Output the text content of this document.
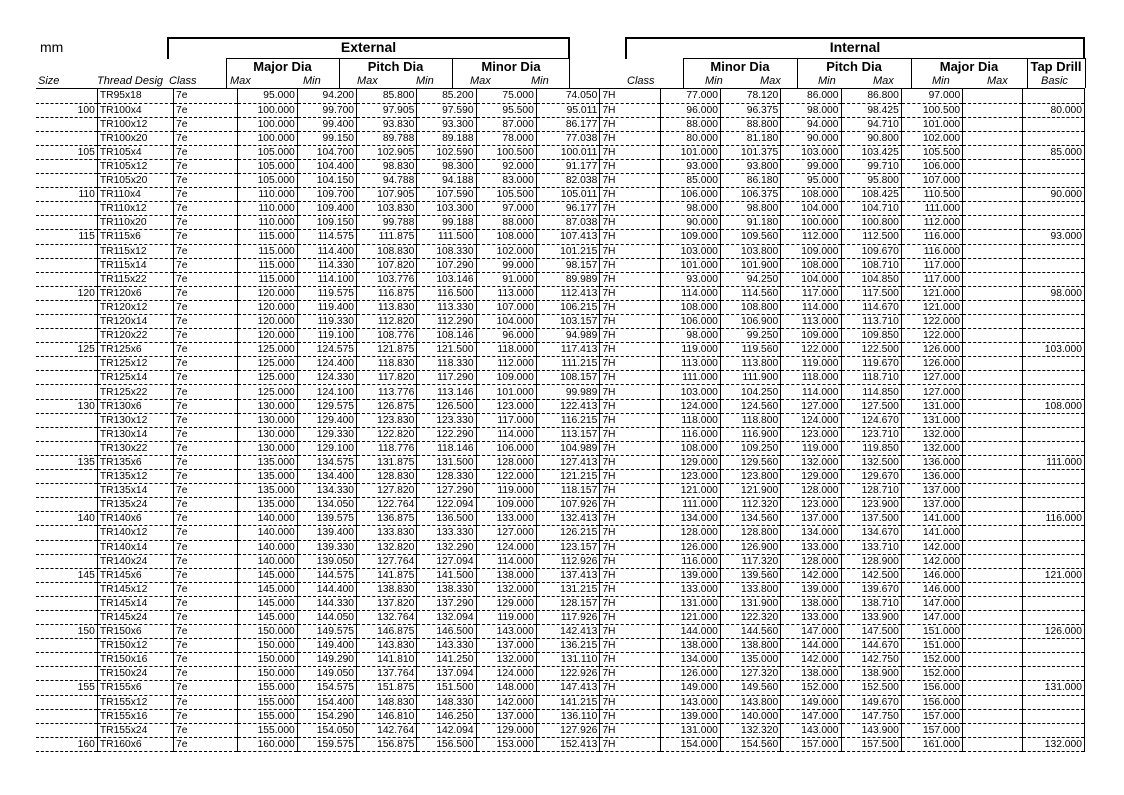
mm	External
Major Dia	Pitch Dia	Minor Dia
Internal
Minor Dia	Pitch Dia	Major Dia	Tap Drill
Size	Thread Desig Class	Max	Min	Max	Min	Max	Min	Class	Min	Max	Min	Max	Min	Max	Basic
	TR95x18	7e	95.000	94.200	85.800	85.200	75.000	74.050	7H	77.000	78.120	86.000	86.800	97.000		
100	TR100x4	7e	100.000	99.700	97.905	97.590	95.500	95.011	7H	96.000	96.375	98.000	98.425	100.500		80.000
	TR100x12	7e	100.000	99.400	93.830	93.300	87.000	86.177	7H	88.000	88.800	94.000	94.710	101.000		
	TR100x20	7e	100.000	99.150	89.788	89.188	78.000	77.038	7H	80.000	81.180	90.000	90.800	102.000		
105	TR105x4	7e	105.000	104.700	102.905	102.590	100.500	100.011	7H	101.000	101.375	103.000	103.425	105.500		85.000
	TR105x12	7e	105.000	104.400	98.830	98.300	92.000	91.177	7H	93.000	93.800	99.000	99.710	106.000		
	TR105x20	7e	105.000	104.150	94.788	94.188	83.000	82.038	7H	85.000	86.180	95.000	95.800	107.000		
110	TR110x4	7e	110.000	109.700	107.905	107.590	105.500	105.011	7H	106.000	106.375	108.000	108.425	110.500		90.000
	TR110x12	7e	110.000	109.400	103.830	103.300	97.000	96.177	7H	98.000	98.800	104.000	104.710	111.000		
	TR110x20	7e	110.000	109.150	99.788	99.188	88.000	87.038	7H	90.000	91.180	100.000	100.800	112.000		
115	TR115x6	7e	115.000	114.575	111.875	111.500	108.000	107.413	7H	109.000	109.560	112.000	112.500	116.000		93.000
	TR115x12	7e	115.000	114.400	108.830	108.330	102.000	101.215	7H	103.000	103.800	109.000	109.670	116.000		
	TR115x14	7e	115.000	114.330	107.820	107.290	99.000	98.157	7H	101.000	101.900	108.000	108.710	117.000		
	TR115x22	7e	115.000	114.100	103.776	103.146	91.000	89.989	7H	93.000	94.250	104.000	104.850	117.000		
120	TR120x6	7e	120.000	119.575	116.875	116.500	113.000	112.413	7H	114.000	114.560	117.000	117.500	121.000		98.000
	TR120x12	7e	120.000	119.400	113.830	113.330	107.000	106.215	7H	108.000	108.800	114.000	114.670	121.000		
	TR120x14	7e	120.000	119.330	112.820	112.290	104.000	103.157	7H	106.000	106.900	113.000	113.710	122.000		
	TR120x22	7e	120.000	119.100	108.776	108.146	96.000	94.989	7H	98.000	99.250	109.000	109.850	122.000		
125	TR125x6	7e	125.000	124.575	121.875	121.500	118.000	117.413	7H	119.000	119.560	122.000	122.500	126.000		103.000
	TR125x12	7e	125.000	124.400	118.830	118.330	112.000	111.215	7H	113.000	113.800	119.000	119.670	126.000		
	TR125x14	7e	125.000	124.330	117.820	117.290	109.000	108.157	7H	111.000	111.900	118.000	118.710	127.000		
	TR125x22	7e	125.000	124.100	113.776	113.146	101.000	99.989	7H	103.000	104.250	114.000	114.850	127.000		
130	TR130x6	7e	130.000	129.575	126.875	126.500	123.000	122.413	7H	124.000	124.560	127.000	127.500	131.000		108.000
	TR130x12	7e	130.000	129.400	123.830	123.330	117.000	116.215	7H	118.000	118.800	124.000	124.670	131.000		
	TR130x14	7e	130.000	129.330	122.820	122.290	114.000	113.157	7H	116.000	116.900	123.000	123.710	132.000		
	TR130x22	7e	130.000	129.100	118.776	118.146	106.000	104.989	7H	108.000	109.250	119.000	119.850	132.000		
135	TR135x6	7e	135.000	134.575	131.875	131.500	128.000	127.413	7H	129.000	129.560	132.000	132.500	136.000		111.000
	TR135x12	7e	135.000	134.400	128.830	128.330	122.000	121.215	7H	123.000	123.800	129.000	129.670	136.000		
	TR135x14	7e	135.000	134.330	127.820	127.290	119.000	118.157	7H	121.000	121.900	128.000	128.710	137.000		
	TR135x24	7e	135.000	134.050	122.764	122.094	109.000	107.926	7H	111.000	112.320	123.000	123.900	137.000		
140	TR140x6	7e	140.000	139.575	136.875	136.500	133.000	132.413	7H	134.000	134.560	137.000	137.500	141.000		116.000
	TR140x12	7e	140.000	139.400	133.830	133.330	127.000	126.215	7H	128.000	128.800	134.000	134.670	141.000		
	TR140x14	7e	140.000	139.330	132.820	132.290	124.000	123.157	7H	126.000	126.900	133.000	133.710	142.000		
	TR140x24	7e	140.000	139.050	127.764	127.094	114.000	112.926	7H	116.000	117.320	128.000	128.900	142.000		
145	TR145x6	7e	145.000	144.575	141.875	141.500	138.000	137.413	7H	139.000	139.560	142.000	142.500	146.000		121.000
	TR145x12	7e	145.000	144.400	138.830	138.330	132.000	131.215	7H	133.000	133.800	139.000	139.670	146.000		
	TR145x14	7e	145.000	144.330	137.820	137.290	129.000	128.157	7H	131.000	131.900	138.000	138.710	147.000		
	TR145x24	7e	145.000	144.050	132.764	132.094	119.000	117.926	7H	121.000	122.320	133.000	133.900	147.000		
150	TR150x6	7e	150.000	149.575	146.875	146.500	143.000	142.413	7H	144.000	144.560	147.000	147.500	151.000		126.000
	TR150x12	7e	150.000	149.400	143.830	143.330	137.000	136.215	7H	138.000	138.800	144.000	144.670	151.000		
	TR150x16	7e	150.000	149.290	141.810	141.250	132.000	131.110	7H	134.000	135.000	142.000	142.750	152.000		
	TR150x24	7e	150.000	149.050	137.764	137.094	124.000	122.926	7H	126.000	127.320	138.000	138.900	152.000		
155	TR155x6	7e	155.000	154.575	151.875	151.500	148.000	147.413	7H	149.000	149.560	152.000	152.500	156.000		131.000
	TR155x12	7e	155.000	154.400	148.830	148.330	142.000	141.215	7H	143.000	143.800	149.000	149.670	156.000		
	TR155x16	7e	155.000	154.290	146.810	146.250	137.000	136.110	7H	139.000	140.000	147.000	147.750	157.000		
	TR155x24	7e	155.000	154.050	142.764	142.094	129.000	127.926	7H	131.000	132.320	143.000	143.900	157.000		
160	TR160x6	7e	160.000	159.575	156.875	156.500	153.000	152.413	7H	154.000	154.560	157.000	157.500	161.000		132.000
